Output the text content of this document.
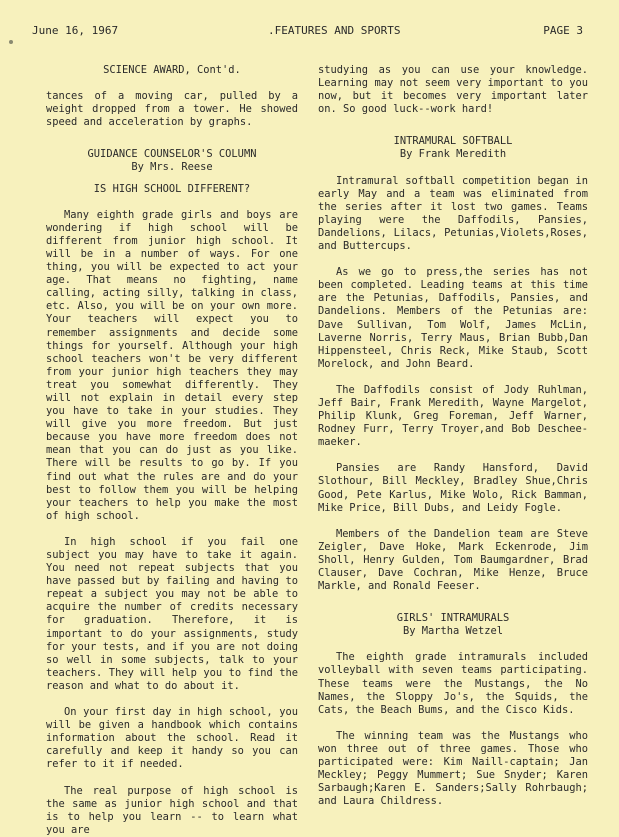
June 16, 1967	.FEATURES AND SPORTS	PAGE 3

SCIENCE AWARD, Cont'd.

tances of a moving car, pulled by a weight dropped from a tower. He showed speed and acceleration by graphs.

GUIDANCE COUNSELOR'S COLUMN

By Mrs. Reese

IS HIGH SCHOOL DIFFERENT?

Many eighth grade girls and boys are wondering if high school will be different from junior high school. It will be in a number of ways. For one thing, you will be expected to act your age. That means no fighting, name calling, acting silly, talking in class, etc. Also, you will be on your own more. Your teachers will expect you to remember assignments and decide some things for yourself. Although your high school teachers won't be very different from your junior high teachers they may treat you somewhat differently. They will not explain in detail every step you have to take in your studies. They will give you more freedom. But just because you have more freedom does not mean that you can do just as you like. There will be results to go by. If you find out what the rules are and do your best to follow them you will be helping your teachers to help you make the most of high school.

In high school if you fail one subject you may have to take it again. You need not repeat subjects that you have passed but by failing and having to repeat a subject you may not be able to acquire the number of credits necessary for graduation. Therefore, it is important to do your assignments, study for your tests, and if you are not doing so well in some subjects, talk to your teachers. They will help you to find the reason and what to do about it.

On your first day in high school, you will be given a handbook which contains information about the school. Read it carefully and keep it handy so you can refer to it if needed.

The real purpose of high school is the same as junior high school and that is to help you learn -- to learn what you are

studying as you can use your knowledge. Learning may not seem very important to you now, but it becomes very important later on. So good luck--work hard!

INTRAMURAL SOFTBALL

By Frank Meredith

Intramural softball competition began in early May and a team was eliminated from the series after it lost two games. Teams playing were the Daffodils, Pansies, Dandelions, Lilacs, Petunias,Violets,Roses, and Buttercups.

As we go to press,the series has not been completed. Leading teams at this time are the Petunias, Daffodils, Pansies, and Dandelions. Members of the Petunias are: Dave Sullivan, Tom Wolf, James McLin, Laverne Norris, Terry Maus, Brian Bubb,Dan Hippensteel, Chris Reck, Mike Staub, Scott Morelock, and John Beard.

The Daffodils consist of Jody Ruhlman, Jeff Bair, Frank Meredith, Wayne Margelot, Philip Klunk, Greg Foreman, Jeff Warner, Rodney Furr, Terry Troyer,and Bob Deschee-maeker.

Pansies are Randy Hansford, David Slothour, Bill Meckley, Bradley Shue,Chris Good, Pete Karlus, Mike Wolo, Rick Bamman, Mike Price, Bill Dubs, and Leidy Fogle.

Members of the Dandelion team are Steve Zeigler, Dave Hoke, Mark Eckenrode, Jim Sholl, Henry Gulden, Tom Baumgardner, Brad Clauser, Dave Cochran, Mike Henze, Bruce Markle, and Ronald Feeser.

GIRLS' INTRAMURALS

By Martha Wetzel

The eighth grade intramurals included volleyball with seven teams participating. These teams were the Mustangs, the No Names, the Sloppy Jo's, the Squids, the Cats, the Beach Bums, and the Cisco Kids.

The winning team was the Mustangs who won three out of three games. Those who participated were: Kim Naill-captain; Jan Meckley; Peggy Mummert; Sue Snyder; Karen Sarbaugh;Karen E. Sanders;Sally Rohrbaugh; and Laura Childress.
